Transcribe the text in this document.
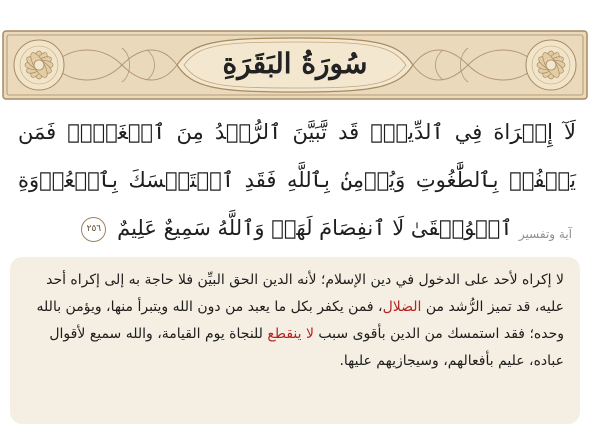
سُورَةُ البَقَرَةِ
لَآ إِكۡرَاهَ فِي ٱلدِّينِۖ قَد تَّبَيَّنَ ٱلرُّشۡدُ مِنَ ٱلۡغَيِّۚ فَمَن يَكۡفُرۡ بِٱلطَّٰغُوتِ وَيُؤۡمِنۢ بِٱللَّهِ فَقَدِ ٱسۡتَمۡسَكَ بِٱلۡعُرۡوَةِ ٱلۡوُثۡقَىٰ لَا ٱنفِصَامَ لَهَاۗ وَٱللَّهُ سَمِيعٌ عَلِيمٌ ٢٥٦	آية وتفسير
لا إكراه لأحد على الدخول في دين الإسلام؛ لأنه الدين الحق البيِّن فلا حاجة به إلى إكراه أحد عليه، قد تميز الرُّشد من الضلال، فمن يكفر بكل ما يعبد من دون الله ويتبرأ منها، ويؤمن بالله وحده؛ فقد استمسك من الدين بأقوى سبب لا ينقطع للنجاة يوم القيامة، والله سميع لأقوال عباده، عليم بأفعالهم، وسيجازيهم عليها.
